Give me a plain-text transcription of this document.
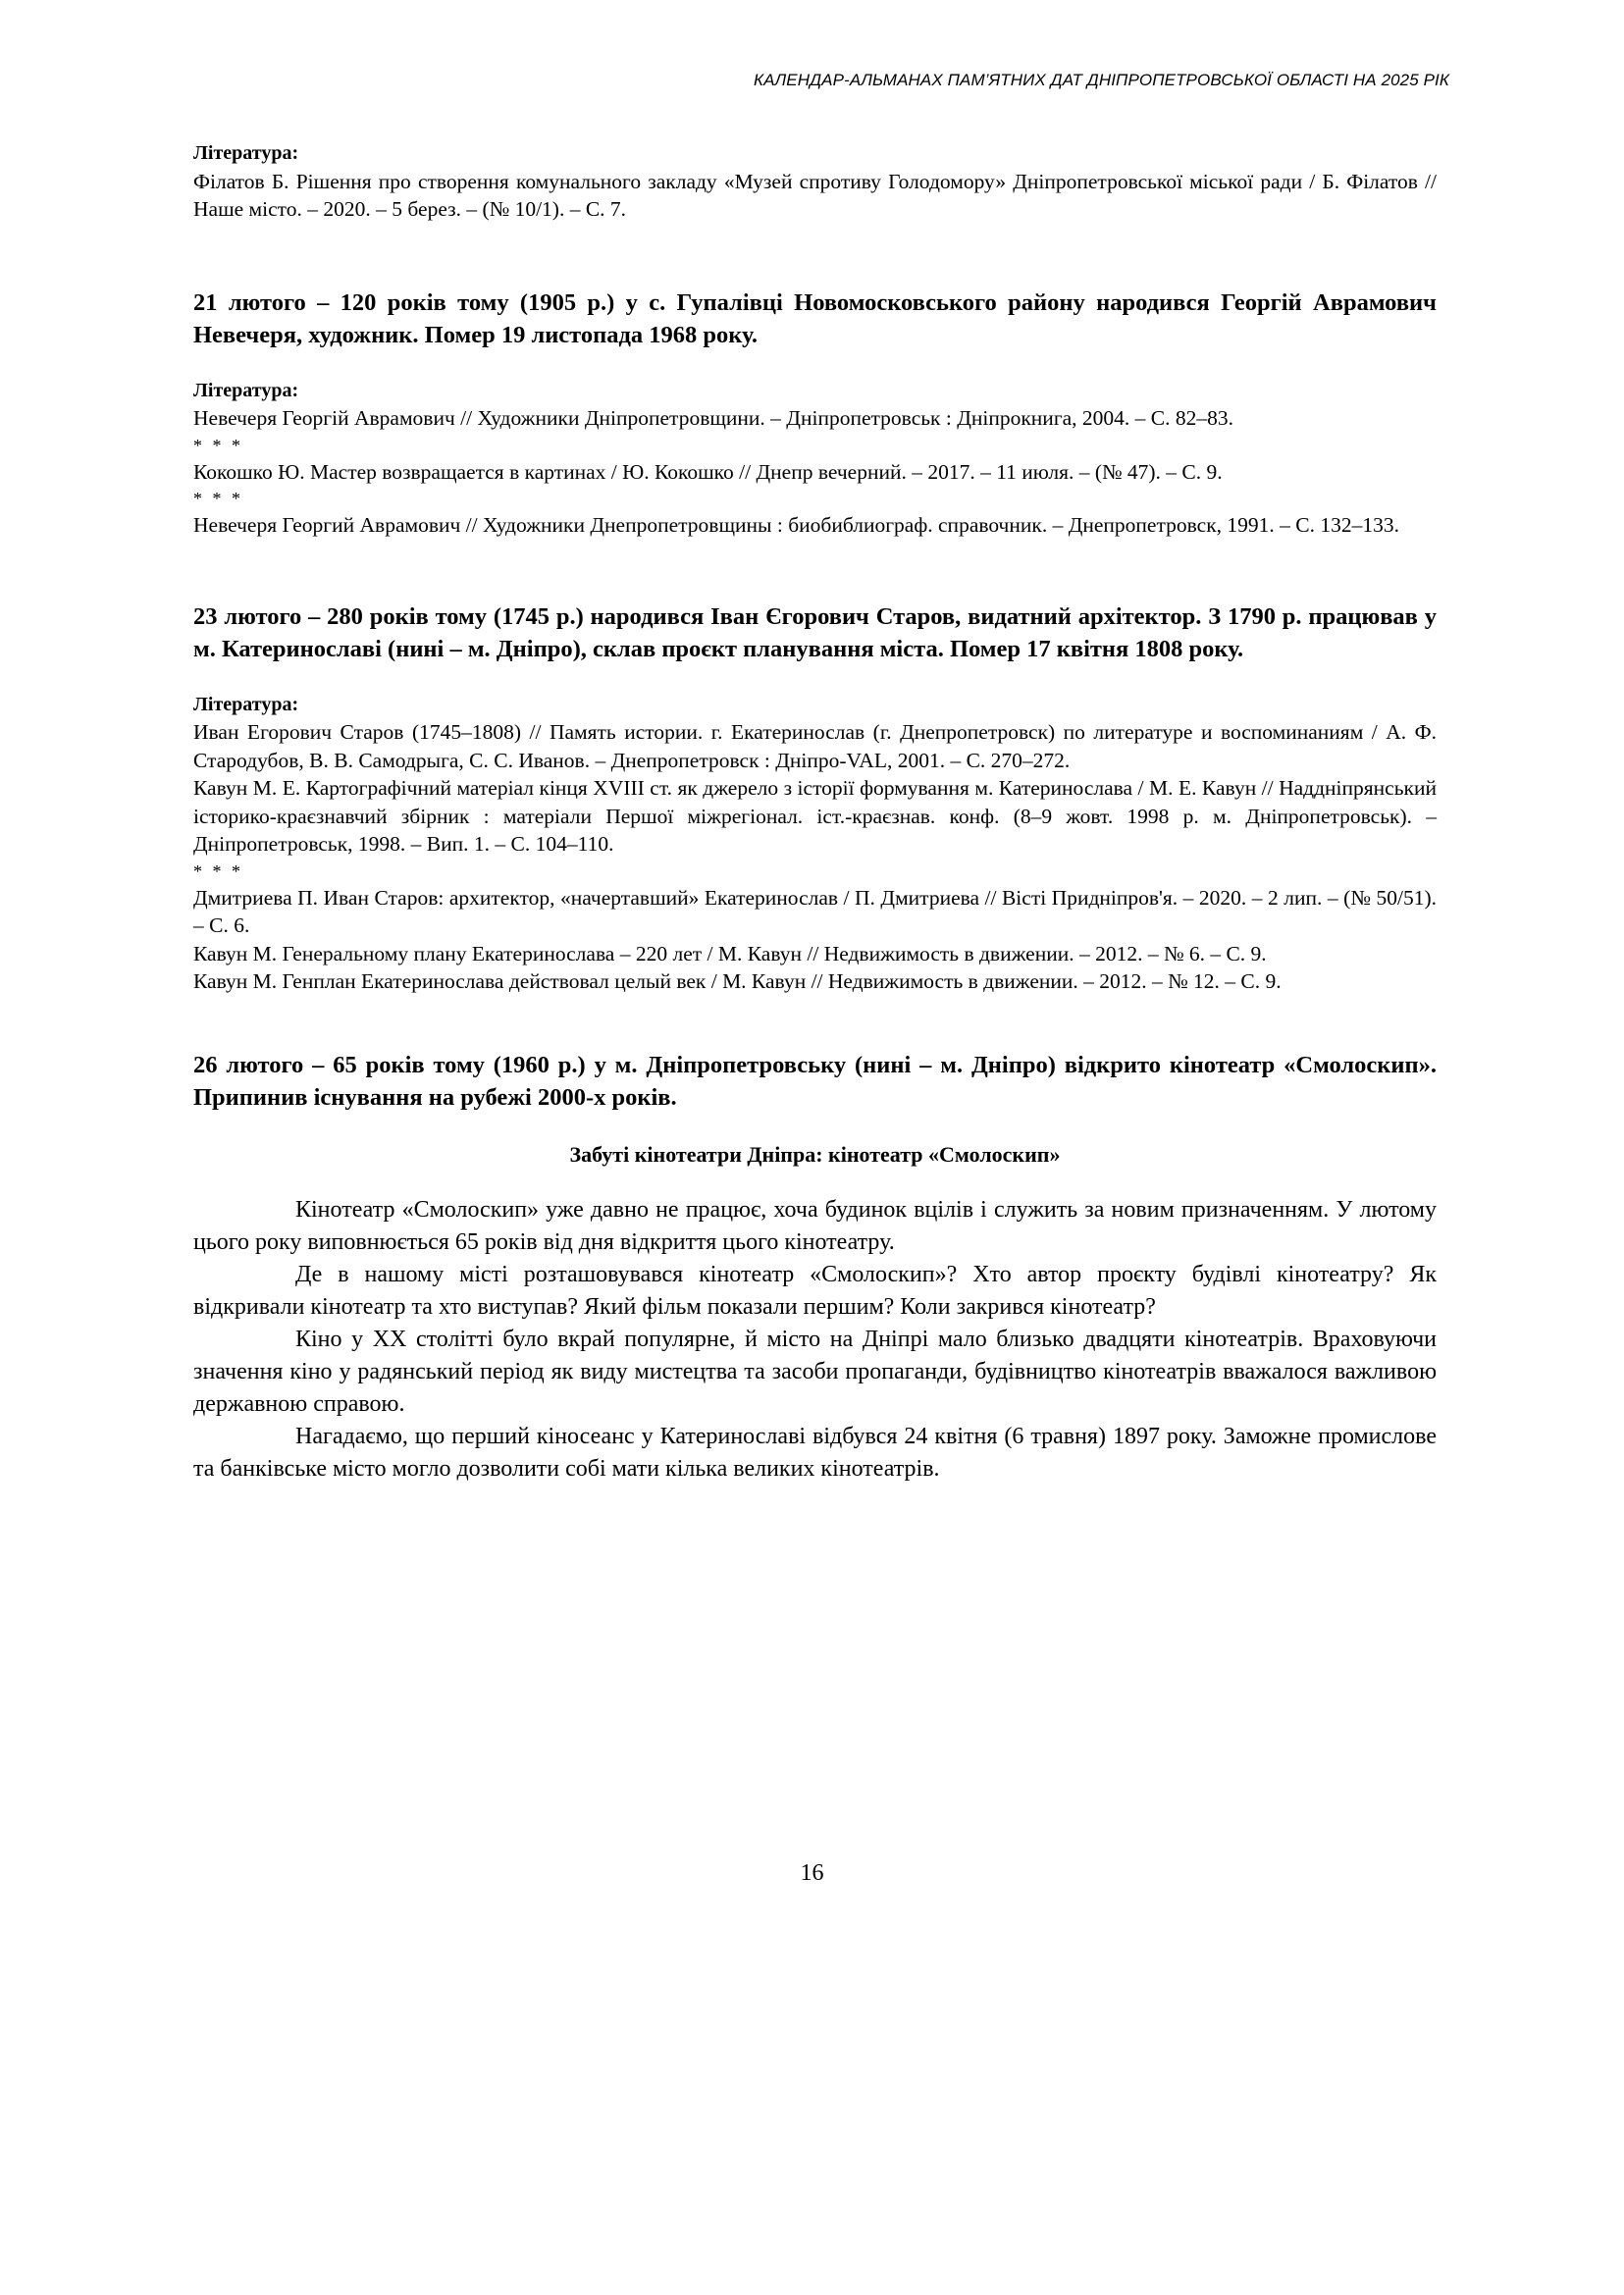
КАЛЕНДАР-АЛЬМАНАХ ПАМ’ЯТНИХ ДАТ ДНІПРОПЕТРОВСЬКОЇ ОБЛАСТІ НА 2025 РІК
Література:
Філатов Б. Рішення про створення комунального закладу «Музей спротиву Голодомору» Дніпропетровської міської ради / Б. Філатов // Наше місто. – 2020. – 5 берез. – (№ 10/1). – С. 7.
21 лютого – 120 років тому (1905 р.) у с. Гупалівці Новомосковського району народився Георгій Аврамович Невечеря, художник. Помер 19 листопада 1968 року.
Література:
Невечеря Георгій Аврамович // Художники Дніпропетровщини. – Дніпропетровськ : Дніпрокнига, 2004. – С. 82–83.
* * *
Кокошко Ю. Мастер возвращается в картинах / Ю. Кокошко // Днепр вечерний. – 2017. – 11 июля. – (№ 47). – С. 9.
* * *
Невечеря Георгий Аврамович // Художники Днепропетровщины : биобиблиограф. справочник. – Днепропетровск, 1991. – С. 132–133.
23 лютого – 280 років тому (1745 р.) народився Іван Єгорович Старов, видатний архітектор. З 1790 р. працював у м. Катеринославі (нині – м. Дніпро), склав проєкт планування міста. Помер 17 квітня 1808 року.
Література:
Иван Егорович Старов (1745–1808) // Память истории. г. Екатеринослав (г. Днепропетровск) по литературе и воспоминаниям / А. Ф. Стародубов, В. В. Самодрыга, С. С. Иванов. – Днепропетровск : Дніпро-VAL, 2001. – С. 270–272.
Кавун М. Е. Картографічний матеріал кінця XVIII ст. як джерело з історії формування м. Катеринослава / М. Е. Кавун // Наддніпрянський історико-краєзнавчий збірник : матеріали Першої міжрегіонал. іст.-краєзнав. конф. (8–9 жовт. 1998 р. м. Дніпропетровськ). – Дніпропетровськ, 1998. – Вип. 1. – С. 104–110.
* * *
Дмитриева П. Иван Старов: архитектор, «начертавший» Екатеринослав / П. Дмитриева // Вісті Придніпров'я. – 2020. – 2 лип. – (№ 50/51). – С. 6.
Кавун М. Генеральному плану Екатеринослава – 220 лет / М. Кавун // Недвижимость в движении. – 2012. – № 6. – С. 9.
Кавун М. Генплан Екатеринослава действовал целый век / М. Кавун // Недвижимость в движении. – 2012. – № 12. – С. 9.
26 лютого – 65 років тому (1960 р.) у м. Дніпропетровську (нині – м. Дніпро) відкрито кінотеатр «Смолоскип». Припинив існування на рубежі 2000-х років.
Забуті кінотеатри Дніпра: кінотеатр «Смолоскип»

Кінотеатр «Смолоскип» уже давно не працює, хоча будинок вцілів і служить за новим призначенням. У лютому цього року виповнюється 65 років від дня відкриття цього кінотеатру.

Де в нашому місті розташовувався кінотеатр «Смолоскип»? Хто автор проєкту будівлі кінотеатру? Як відкривали кінотеатр та хто виступав? Який фільм показали першим? Коли закрився кінотеатр?

Кіно у ХХ столітті було вкрай популярне, й місто на Дніпрі мало близько двадцяти кінотеатрів. Враховуючи значення кіно у радянський період як виду мистецтва та засоби пропаганди, будівництво кінотеатрів вважалося важливою державною справою.

Нагадаємо, що перший кіносеанс у Катеринославі відбувся 24 квітня (6 травня) 1897 року. Заможне промислове та банківське місто могло дозволити собі мати кілька великих кінотеатрів.

16
